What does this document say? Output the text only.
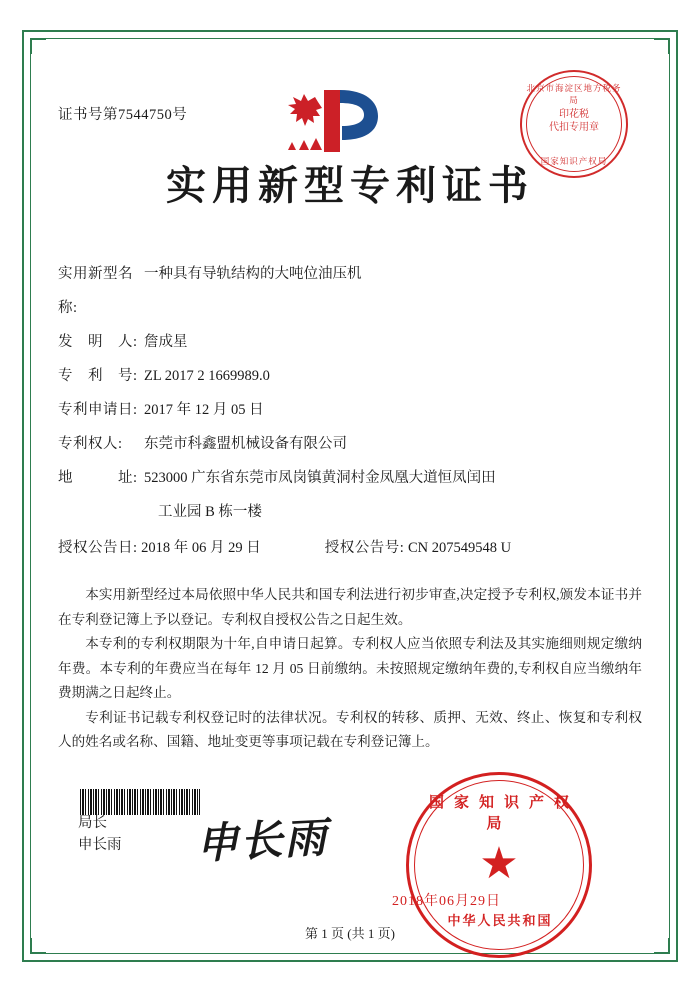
北京市海淀区地方税务局
印花税
代扣专用章
国家知识产权局
证书号第7544750号
实用新型专利证书
实用新型名称:
一种具有导轨结构的大吨位油压机
发　明　人: 詹成星
专　利　号: ZL 2017 2 1669989.0
专利申请日: 2017 年 12 月 05 日
专利权人:	东莞市科鑫盟机械设备有限公司
地　　　址: 523000 广东省东莞市凤岗镇黄洞村金凤凰大道恒凤闰田
工业园 B 栋一楼
授权公告日: 2018 年 06 月 29 日	授权公告号: CN 207549548 U

本实用新型经过本局依照中华人民共和国专利法进行初步审查,决定授予专利权,颁发本证书并在专利登记簿上予以登记。专利权自授权公告之日起生效。

本专利的专利权期限为十年,自申请日起算。专利权人应当依照专利法及其实施细则规定缴纳年费。本专利的年费应当在每年 12 月 05 日前缴纳。未按照规定缴纳年费的,专利权自应当缴纳年费期满之日起终止。

专利证书记载专利权登记时的法律状况。专利权的转移、质押、无效、终止、恢复和专利权人的姓名或名称、国籍、地址变更等事项记载在专利登记簿上。

局长
申长雨 申长雨
国家知识产权局
★
中华人民共和国
2018年06月29日
第 1 页 (共 1 页)
